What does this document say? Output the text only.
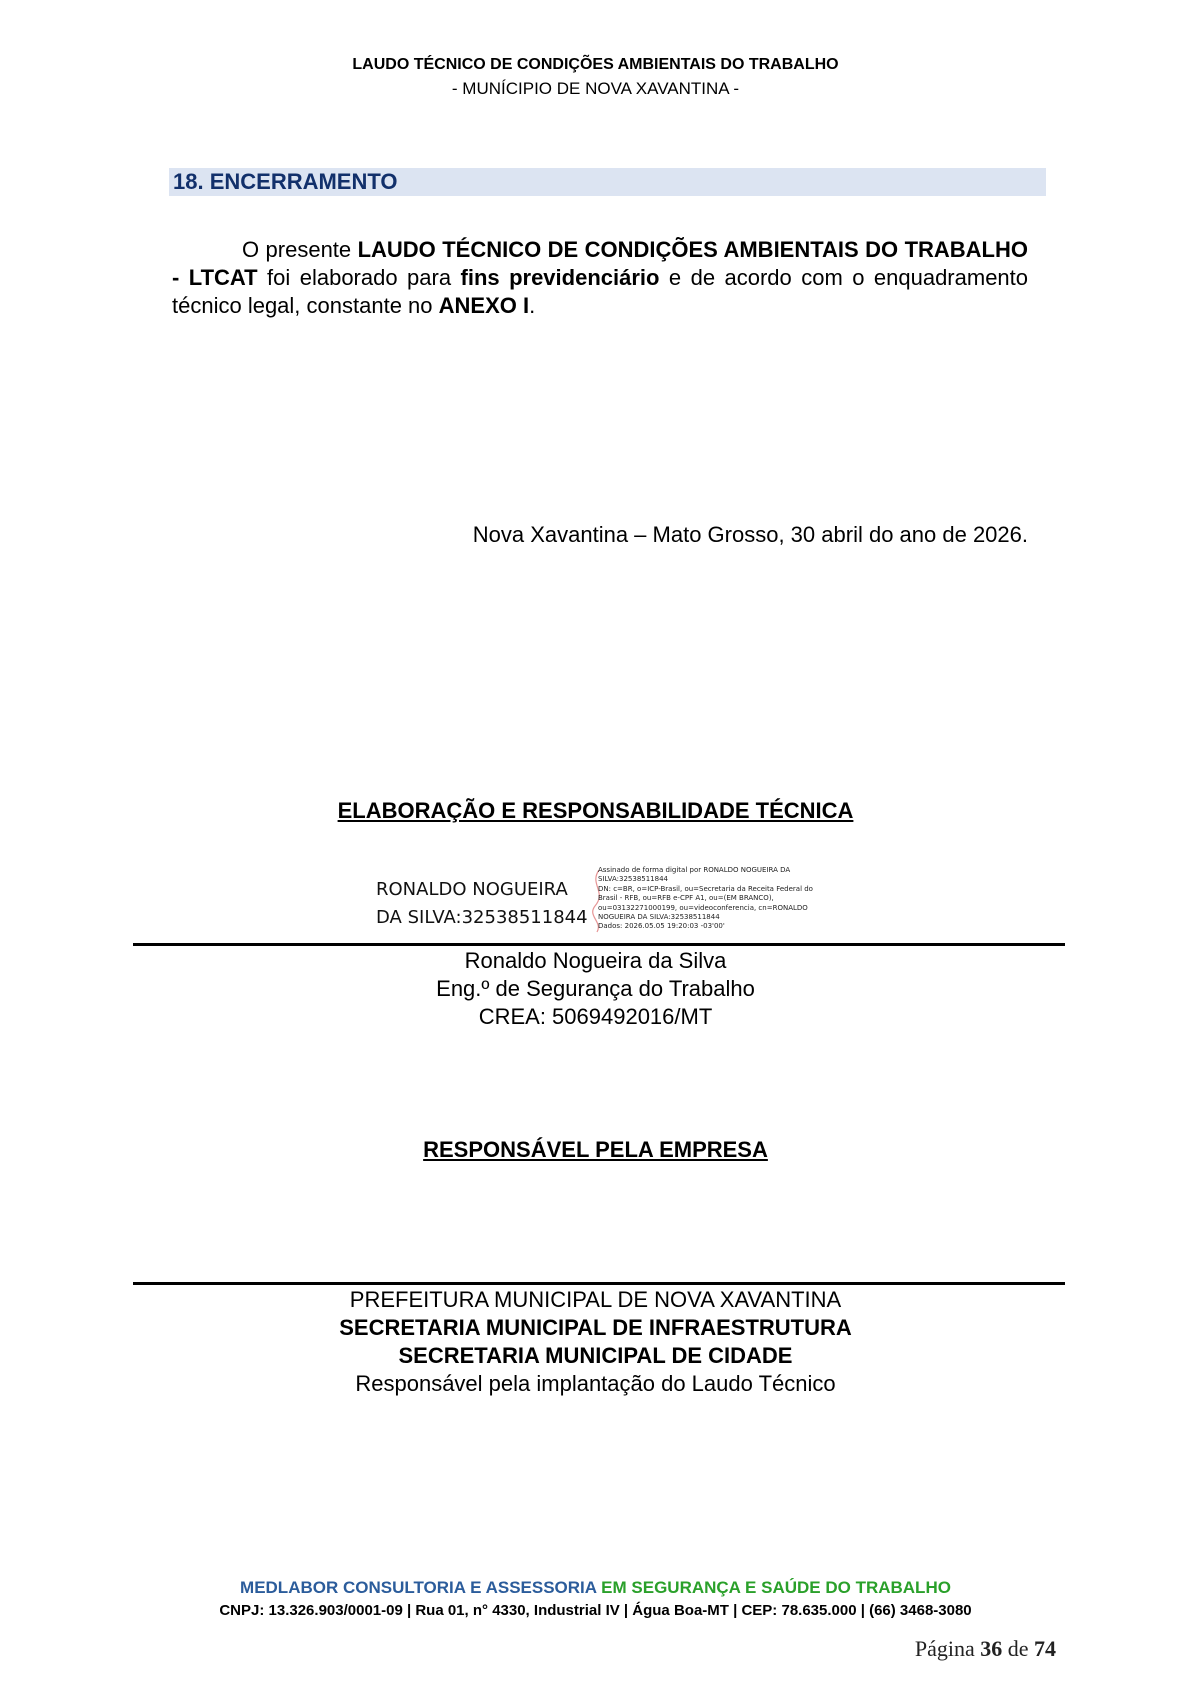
LAUDO TÉCNICO DE CONDIÇÕES AMBIENTAIS DO TRABALHO
- MUNÍCIPIO DE NOVA XAVANTINA -
18. ENCERRAMENTO

O presente LAUDO TÉCNICO DE CONDIÇÕES AMBIENTAIS DO TRABALHO - LTCAT foi elaborado para fins previdenciário e de acordo com o enquadramento técnico legal, constante no ANEXO I.

Nova Xavantina – Mato Grosso, 30 abril do ano de 2026.
ELABORAÇÃO E RESPONSABILIDADE TÉCNICA
RONALDO NOGUEIRA
DA SILVA:32538511844
Assinado de forma digital por RONALDO NOGUEIRA DA
SILVA:32538511844
DN: c=BR, o=ICP-Brasil, ou=Secretaria da Receita Federal do
Brasil - RFB, ou=RFB e-CPF A1, ou=(EM BRANCO),
ou=03132271000199, ou=videoconferencia, cn=RONALDO
NOGUEIRA DA SILVA:32538511844
Dados: 2026.05.05 19:20:03 -03'00'
Ronaldo Nogueira da Silva
Eng.º de Segurança do Trabalho
CREA: 5069492016/MT
RESPONSÁVEL PELA EMPRESA
PREFEITURA MUNICIPAL DE NOVA XAVANTINA
SECRETARIA MUNICIPAL DE INFRAESTRUTURA
SECRETARIA MUNICIPAL DE CIDADE
Responsável pela implantação do Laudo Técnico
MEDLABOR CONSULTORIA E ASSESSORIA EM SEGURANÇA E SAÚDE DO TRABALHO
CNPJ: 13.326.903/0001-09 | Rua 01, n° 4330, Industrial IV | Água Boa-MT | CEP: 78.635.000 | (66) 3468-3080
Página 36 de 74
